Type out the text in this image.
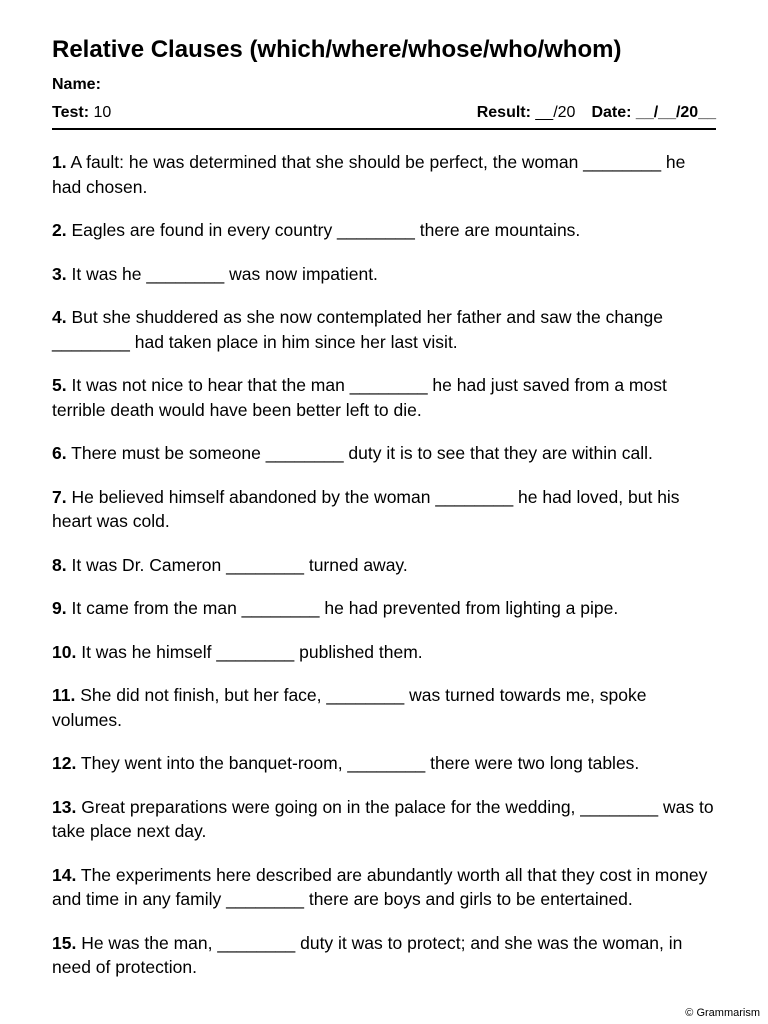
Relative Clauses (which/where/whose/who/whom)
Name:
Test: 10	Result: __/20 Date: __/__/20__
1. A fault: he was determined that she should be perfect, the woman ________ he had chosen.
2. Eagles are found in every country ________ there are mountains.
3. It was he ________ was now impatient.
4. But she shuddered as she now contemplated her father and saw the change ________ had taken place in him since her last visit.
5. It was not nice to hear that the man ________ he had just saved from a most terrible death would have been better left to die.
6. There must be someone ________ duty it is to see that they are within call.
7. He believed himself abandoned by the woman ________ he had loved, but his heart was cold.
8. It was Dr. Cameron ________ turned away.
9. It came from the man ________ he had prevented from lighting a pipe.
10. It was he himself ________ published them.
11. She did not finish, but her face, ________ was turned towards me, spoke volumes.
12. They went into the banquet-room, ________ there were two long tables.
13. Great preparations were going on in the palace for the wedding, ________ was to take place next day.
14. The experiments here described are abundantly worth all that they cost in money and time in any family ________ there are boys and girls to be entertained.
15. He was the man, ________ duty it was to protect; and she was the woman, in need of protection.
© Grammarism
